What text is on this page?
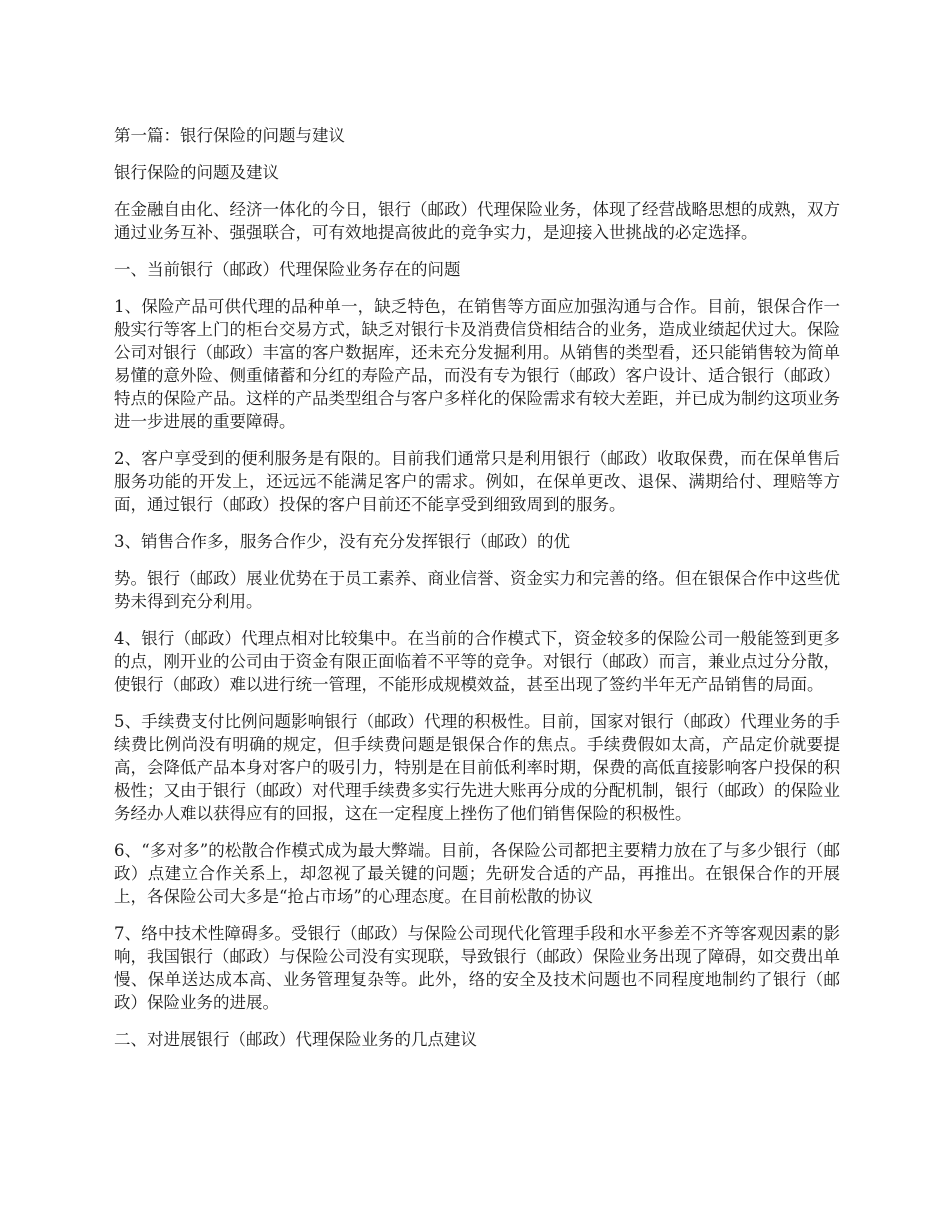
第一篇：银行保险的问题与建议

银行保险的问题及建议

在金融自由化、经济一体化的今日，银行（邮政）代理保险业务，体现了经营战略思想的成熟，双方通过业务互补、强强联合，可有效地提高彼此的竞争实力，是迎接入世挑战的必定选择。

一、当前银行（邮政）代理保险业务存在的问题

1、保险产品可供代理的品种单一，缺乏特色，在销售等方面应加强沟通与合作。目前，银保合作一般实行等客上门的柜台交易方式，缺乏对银行卡及消费信贷相结合的业务，造成业绩起伏过大。保险公司对银行（邮政）丰富的客户数据库，还未充分发掘利用。从销售的类型看，还只能销售较为简单易懂的意外险、侧重储蓄和分红的寿险产品，而没有专为银行（邮政）客户设计、适合银行（邮政）特点的保险产品。这样的产品类型组合与客户多样化的保险需求有较大差距，并已成为制约这项业务进一步进展的重要障碍。

2、客户享受到的便利服务是有限的。目前我们通常只是利用银行（邮政）收取保费，而在保单售后服务功能的开发上，还远远不能满足客户的需求。例如，在保单更改、退保、满期给付、理赔等方面，通过银行（邮政）投保的客户目前还不能享受到细致周到的服务。

3、销售合作多，服务合作少，没有充分发挥银行（邮政）的优

势。银行（邮政）展业优势在于员工素养、商业信誉、资金实力和完善的络。但在银保合作中这些优势未得到充分利用。

4、银行（邮政）代理点相对比较集中。在当前的合作模式下，资金较多的保险公司一般能签到更多的点，刚开业的公司由于资金有限正面临着不平等的竞争。对银行（邮政）而言，兼业点过分分散，使银行（邮政）难以进行统一管理，不能形成规模效益，甚至出现了签约半年无产品销售的局面。

5、手续费支付比例问题影响银行（邮政）代理的积极性。目前，国家对银行（邮政）代理业务的手续费比例尚没有明确的规定，但手续费问题是银保合作的焦点。手续费假如太高，产品定价就要提高，会降低产品本身对客户的吸引力，特别是在目前低利率时期，保费的高低直接影响客户投保的积极性；又由于银行（邮政）对代理手续费多实行先进大账再分成的分配机制，银行（邮政）的保险业务经办人难以获得应有的回报，这在一定程度上挫伤了他们销售保险的积极性。

6、“多对多”的松散合作模式成为最大弊端。目前，各保险公司都把主要精力放在了与多少银行（邮政）点建立合作关系上，却忽视了最关键的问题；先研发合适的产品，再推出。在银保合作的开展上，各保险公司大多是“抢占市场”的心理态度。在目前松散的协议

7、络中技术性障碍多。受银行（邮政）与保险公司现代化管理手段和水平参差不齐等客观因素的影响，我国银行（邮政）与保险公司没有实现联，导致银行（邮政）保险业务出现了障碍，如交费出单慢、保单送达成本高、业务管理复杂等。此外，络的安全及技术问题也不同程度地制约了银行（邮政）保险业务的进展。

二、对进展银行（邮政）代理保险业务的几点建议
